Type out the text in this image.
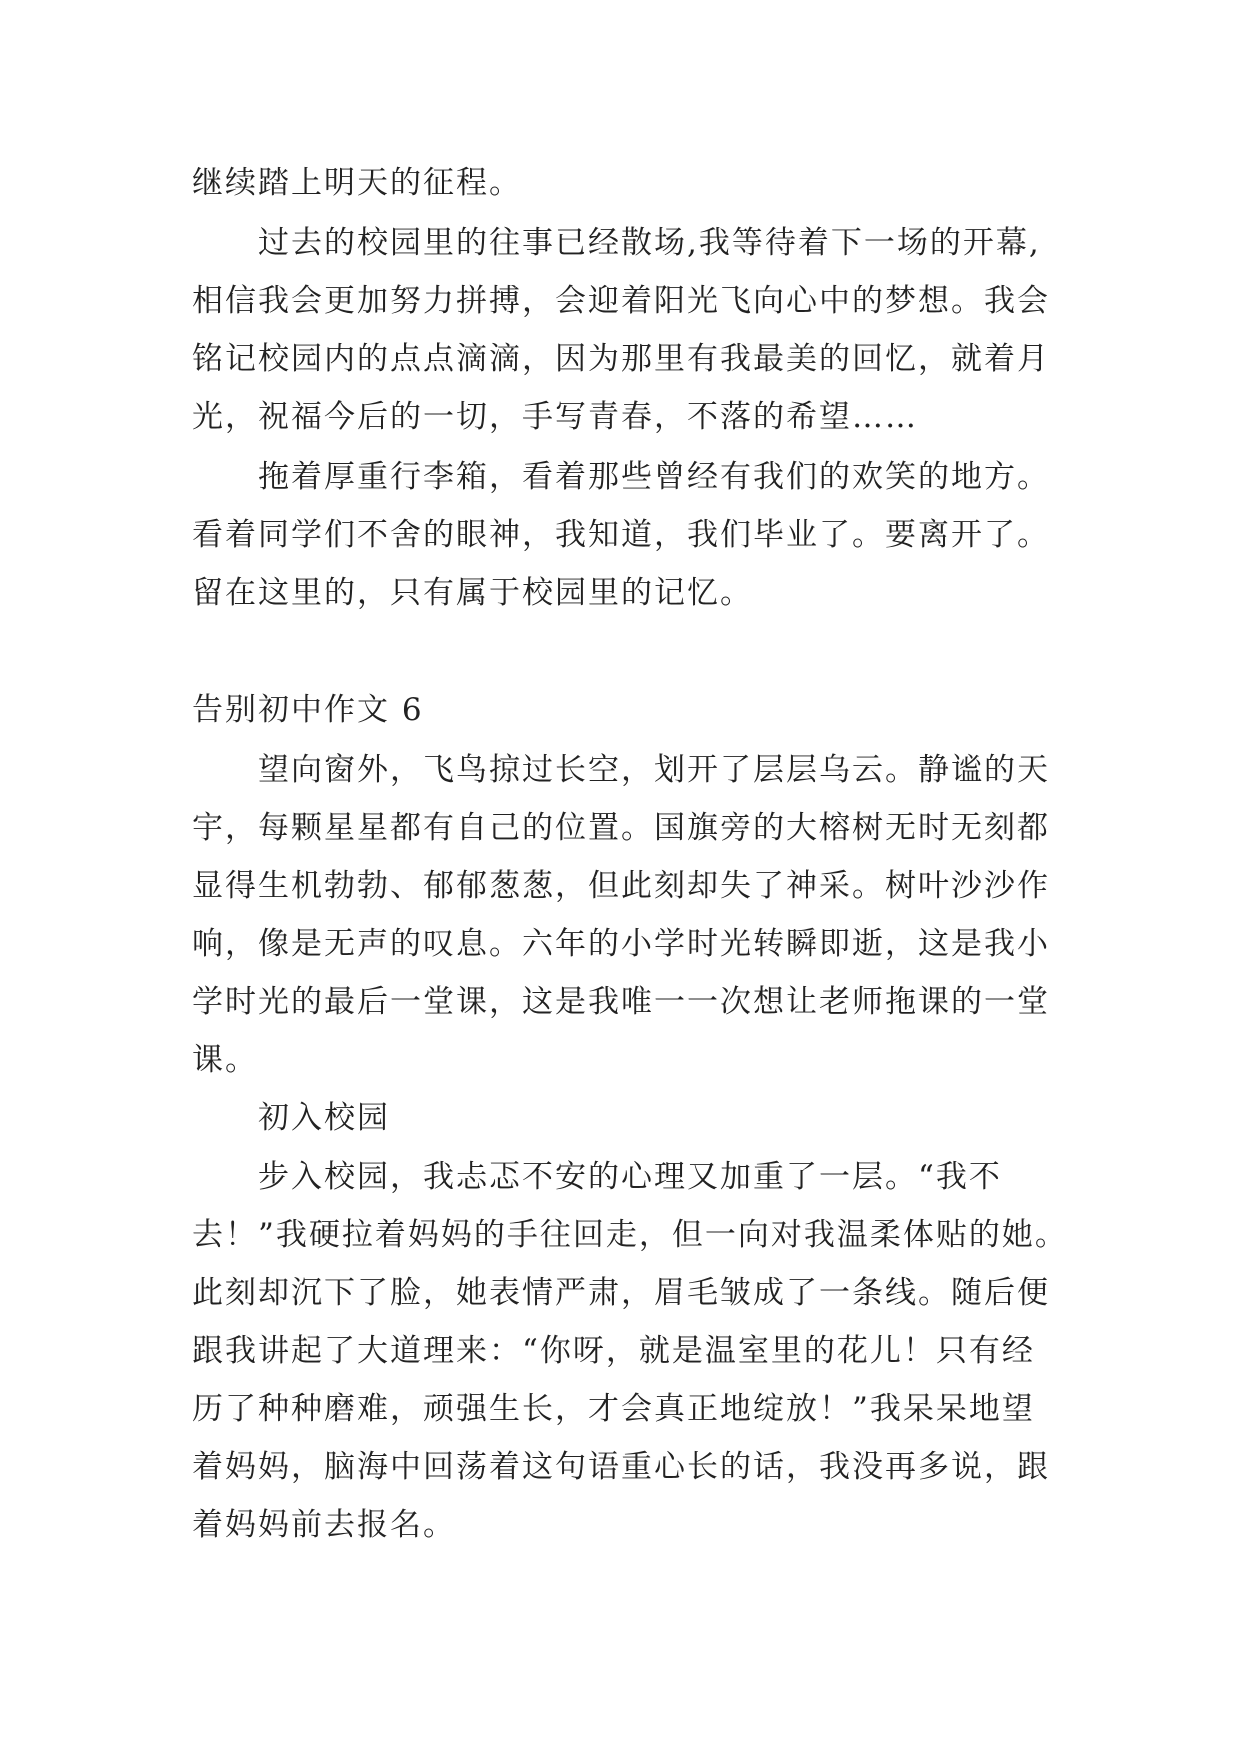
继续踏上明天的征程。
过去的校园里的往事已经散场,我等待着下一场的开幕,
相信我会更加努力拼搏，会迎着阳光飞向心中的梦想。我会
铭记校园内的点点滴滴，因为那里有我最美的回忆，就着月
光，祝福今后的一切，手写青春，不落的希望……
拖着厚重行李箱，看着那些曾经有我们的欢笑的地方。
看着同学们不舍的眼神，我知道，我们毕业了。要离开了。
留在这里的，只有属于校园里的记忆。
告别初中作文 6
望向窗外，飞鸟掠过长空，划开了层层乌云。静谧的天
宇，每颗星星都有自己的位置。国旗旁的大榕树无时无刻都
显得生机勃勃、郁郁葱葱，但此刻却失了神采。树叶沙沙作
响，像是无声的叹息。六年的小学时光转瞬即逝，这是我小
学时光的最后一堂课，这是我唯一一次想让老师拖课的一堂
课。
初入校园
步入校园，我忐忑不安的心理又加重了一层。“我不
去！”我硬拉着妈妈的手往回走，但一向对我温柔体贴的她。
此刻却沉下了脸，她表情严肃，眉毛皱成了一条线。随后便
跟我讲起了大道理来：“你呀，就是温室里的花儿！只有经
历了种种磨难，顽强生长，才会真正地绽放！”我呆呆地望
着妈妈，脑海中回荡着这句语重心长的话，我没再多说，跟
着妈妈前去报名。
